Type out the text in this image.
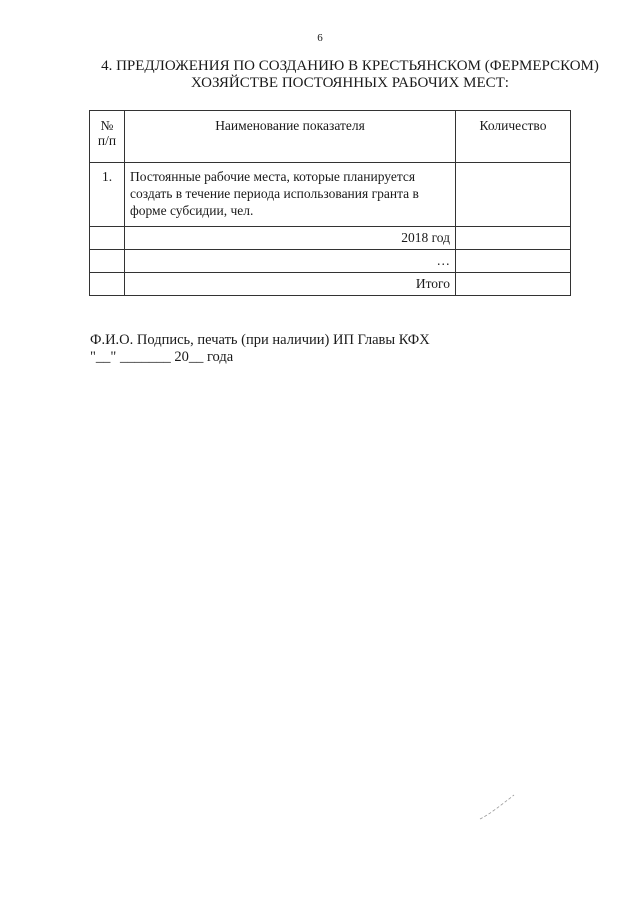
6
4. ПРЕДЛОЖЕНИЯ ПО СОЗДАНИЮ В КРЕСТЬЯНСКОМ (ФЕРМЕРСКОМ)
ХОЗЯЙСТВЕ ПОСТОЯННЫХ РАБОЧИХ МЕСТ:
№ п/п	Наименование показателя	Количество
1.	Постоянные рабочие места, которые планируется создать в течение периода использования гранта в форме субсидии, чел.	
	2018 год	
	…	
	Итого	
Ф.И.О. Подпись, печать (при наличии) ИП Главы КФХ
"__" _______ 20__ года
